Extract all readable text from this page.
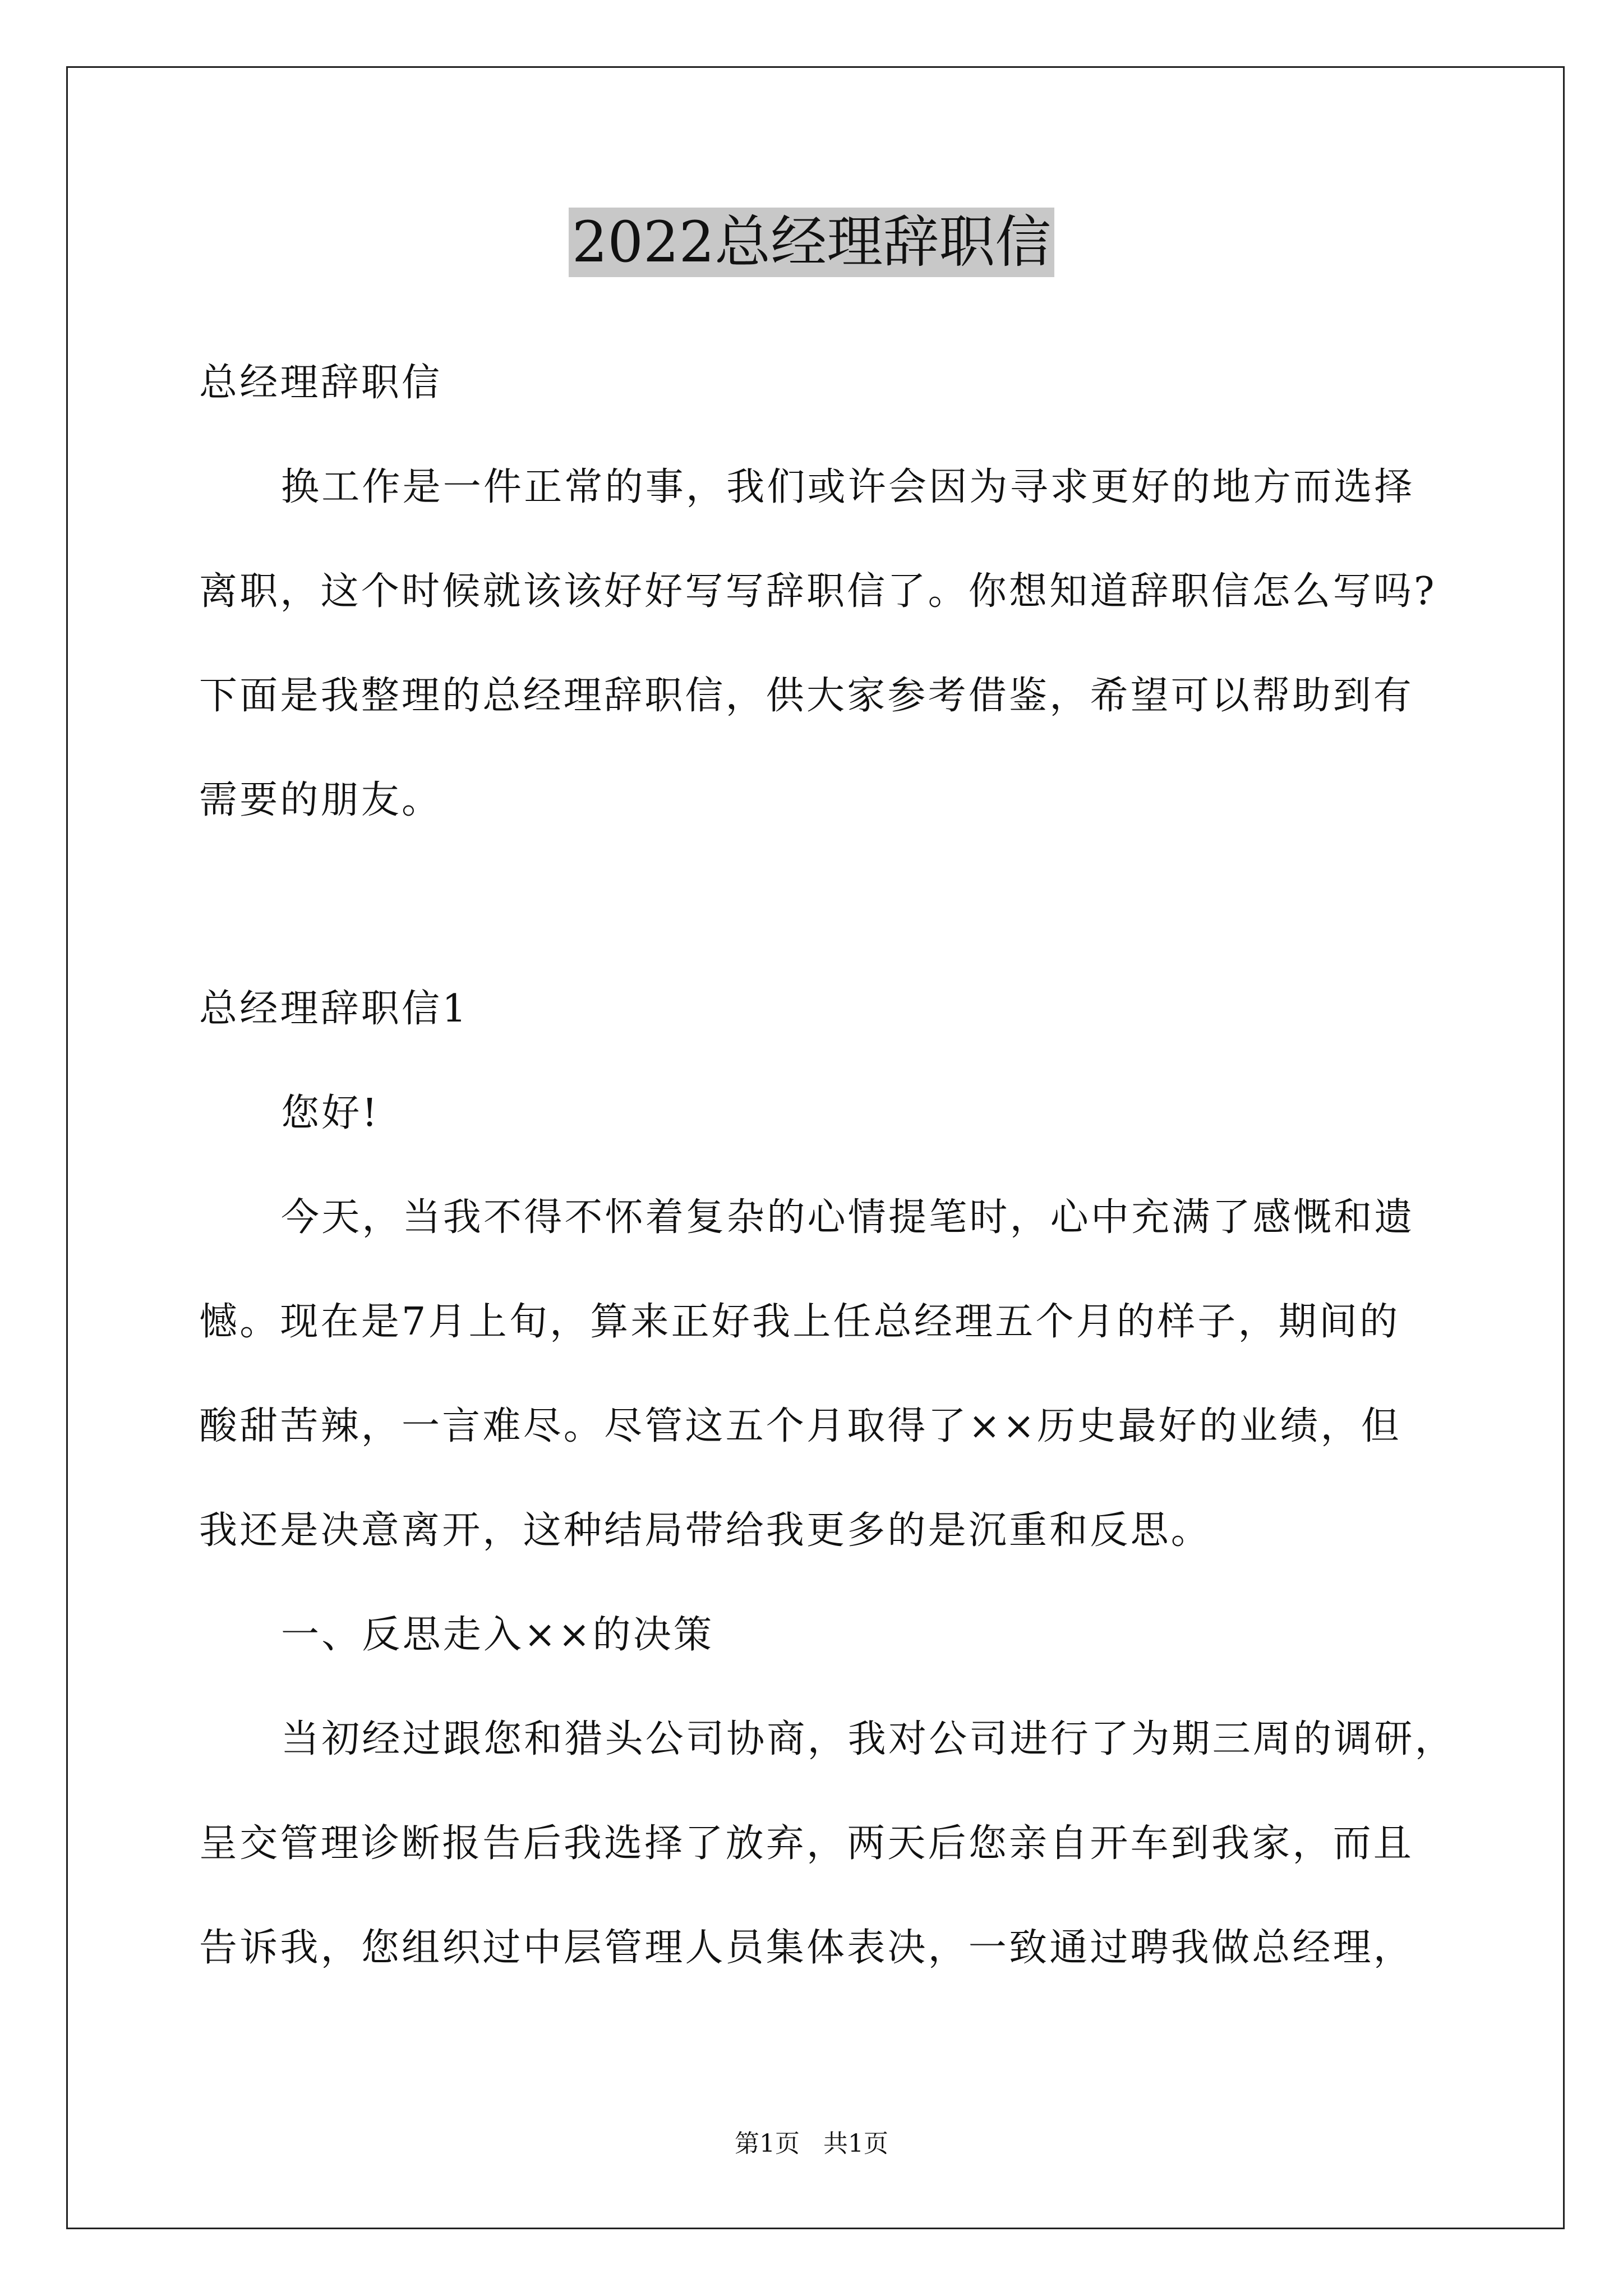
2022总经理辞职信
总经理辞职信
换工作是一件正常的事，我们或许会因为寻求更好的地方而选择
离职，这个时候就该该好好写写辞职信了。你想知道辞职信怎么写吗?
下面是我整理的总经理辞职信，供大家参考借鉴，希望可以帮助到有
需要的朋友。
总经理辞职信1
您好!
今天，当我不得不怀着复杂的心情提笔时，心中充满了感慨和遗
憾。现在是7月上旬，算来正好我上任总经理五个月的样子，期间的
酸甜苦辣，一言难尽。尽管这五个月取得了××历史最好的业绩，但
我还是决意离开，这种结局带给我更多的是沉重和反思。
一、反思走入××的决策
当初经过跟您和猎头公司协商，我对公司进行了为期三周的调研，
呈交管理诊断报告后我选择了放弃，两天后您亲自开车到我家，而且
告诉我，您组织过中层管理人员集体表决，一致通过聘我做总经理，
第1页   共1页
